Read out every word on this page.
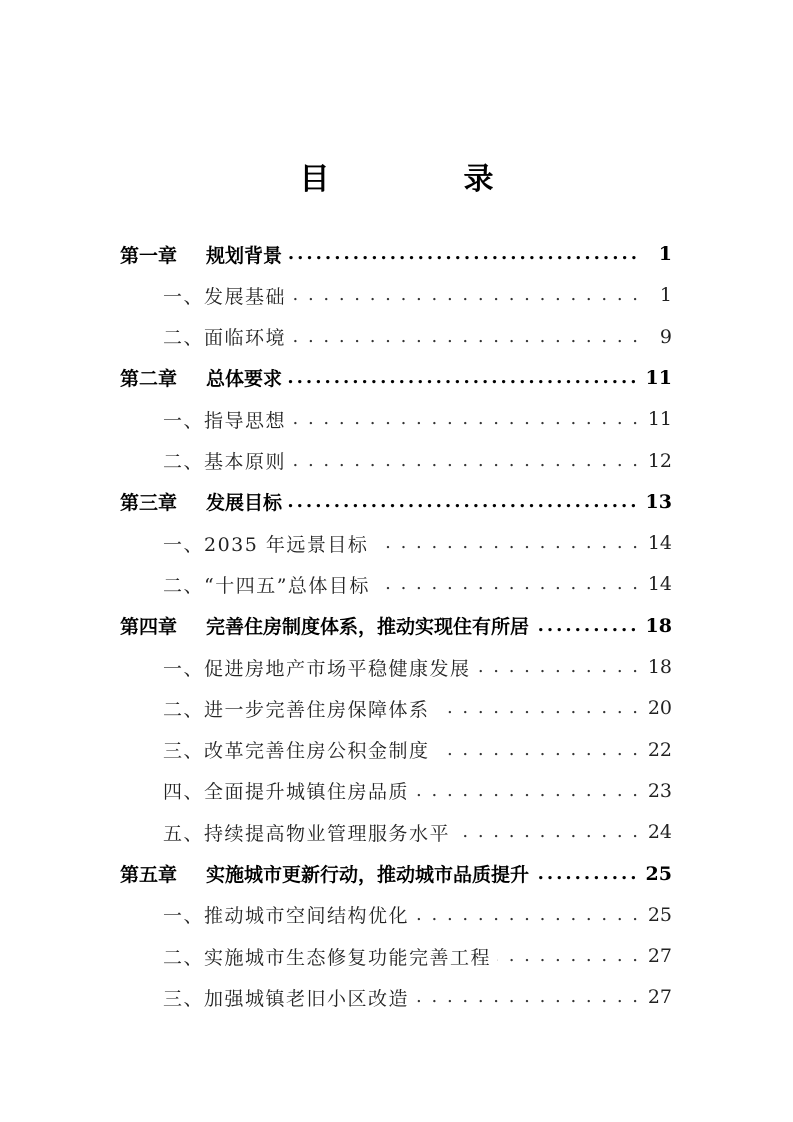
目　录
第一章 规划背景 .....	1
一、发展基础 . . .	1
二、面临环境 . . .	9
第二章 总体要求 .....	11
一、指导思想 . . .	11
二、基本原则 . . .	12
第三章 发展目标 .....	13
一、2035 年远景目标 . . .	14
二、“十四五”总体目标 . . .	14
第四章 完善住房制度体系，推动实现住有所居 .....	18
一、促进房地产市场平稳健康发展 . . .	18
二、进一步完善住房保障体系 . . .	20
三、改革完善住房公积金制度 . . .	22
四、全面提升城镇住房品质 . . .	23
五、持续提高物业管理服务水平 . . .	24
第五章 实施城市更新行动，推动城市品质提升 .....	25
一、推动城市空间结构优化 . . .	25
二、实施城市生态修复功能完善工程 . . .	27
三、加强城镇老旧小区改造 . . .	27
